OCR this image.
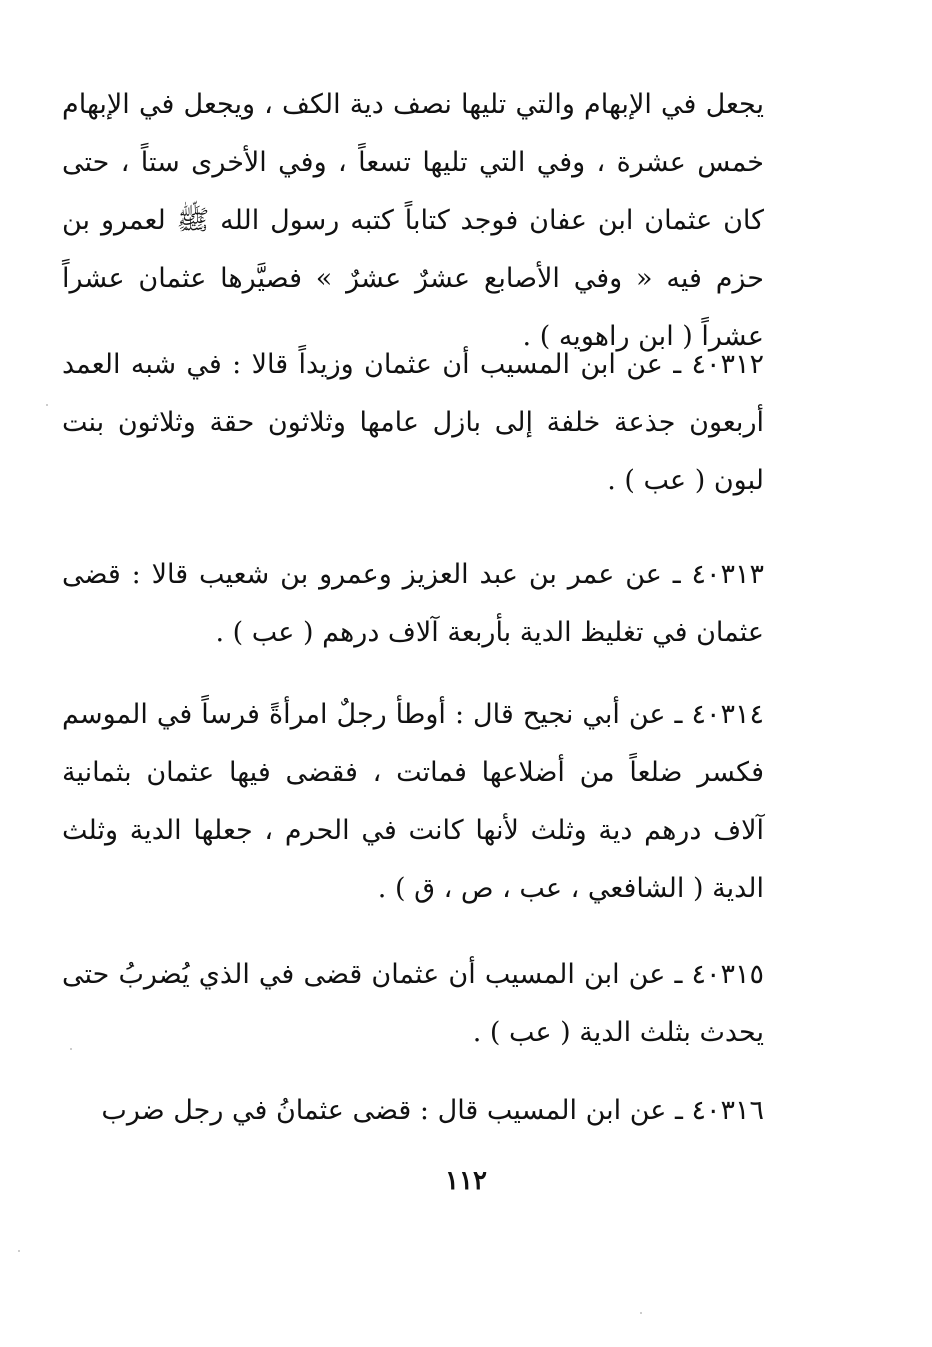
يجعل في الإبهام والتي تليها نصف دية الكف ، ويجعل في الإبهام خمس عشرة ، وفي التي تليها تسعاً ، وفي الأخرى ستاً ، حتى كان عثمان ابن عفان فوجد كتاباً كتبه رسول الله ﷺ لعمرو بن حزم فيه « وفي الأصابع عشرٌ عشرٌ » فصيَّرها عثمان عشراً عشراً ( ابن راهويه ) .
٤٠٣١٢ ـ عن ابن المسيب أن عثمان وزيداً قالا : في شبه العمد أربعون جذعة خلفة إلى بازل عامها وثلاثون حقة وثلاثون بنت لبون ( عب ) .
٤٠٣١٣ ـ عن عمر بن عبد العزيز وعمرو بن شعيب قالا : قضى عثمان في تغليظ الدية بأربعة آلاف درهم ( عب ) .
٤٠٣١٤ ـ عن أبي نجيح قال : أوطأ رجلٌ امرأةً فرساً في الموسم فكسر ضلعاً من أضلاعها فماتت ، فقضى فيها عثمان بثمانية آلاف درهم دية وثلث لأنها كانت في الحرم ، جعلها الدية وثلث الدية ( الشافعي ، عب ، ص ، ق ) .
٤٠٣١٥ ـ عن ابن المسيب أن عثمان قضى في الذي يُضربُ حتى يحدث بثلث الدية ( عب ) .
٤٠٣١٦ ـ عن ابن المسيب قال : قضى عثمانُ في رجل ضرب
١١٢
